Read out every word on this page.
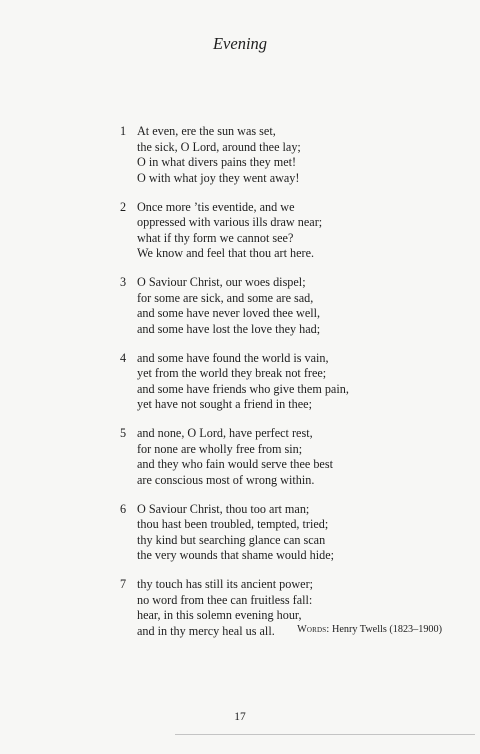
Evening
1 At even, ere the sun was set,
the sick, O Lord, around thee lay;
O in what divers pains they met!
O with what joy they went away!
2 Once more ’tis eventide, and we
oppressed with various ills draw near;
what if thy form we cannot see?
We know and feel that thou art here.
3 O Saviour Christ, our woes dispel;
for some are sick, and some are sad,
and some have never loved thee well,
and some have lost the love they had;
4 and some have found the world is vain,
yet from the world they break not free;
and some have friends who give them pain,
yet have not sought a friend in thee;
5 and none, O Lord, have perfect rest,
for none are wholly free from sin;
and they who fain would serve thee best
are conscious most of wrong within.
6 O Saviour Christ, thou too art man;
thou hast been troubled, tempted, tried;
thy kind but searching glance can scan
the very wounds that shame would hide;
7 thy touch has still its ancient power;
no word from thee can fruitless fall:
hear, in this solemn evening hour,
and in thy mercy heal us all.	Words: Henry Twells (1823–1900)
17
